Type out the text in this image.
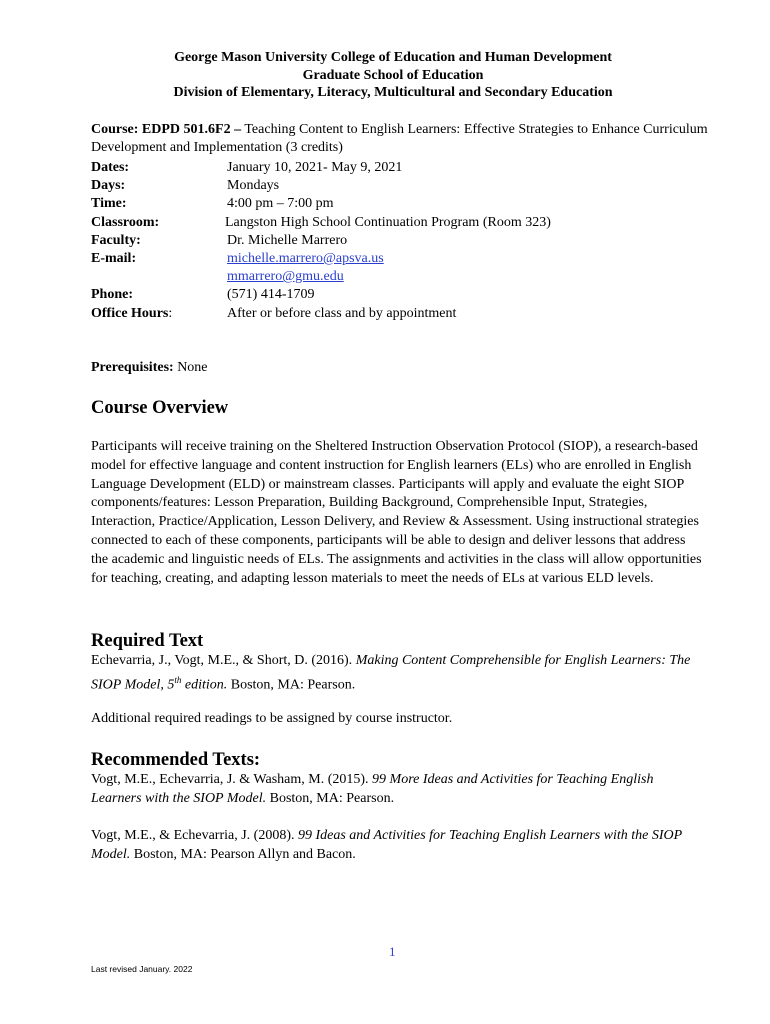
George Mason University College of Education and Human Development
Graduate School of Education
Division of Elementary, Literacy, Multicultural and Secondary Education
Course: EDPD 501.6F2 – Teaching Content to English Learners: Effective Strategies to Enhance Curriculum Development and Implementation (3 credits)
Dates:	January 10, 2021- May 9, 2021
Days:	Mondays
Time:	4:00 pm – 7:00 pm
Classroom:	Langston High School Continuation Program (Room 323)
Faculty:	Dr. Michelle Marrero
E-mail:	michelle.marrero@apsva.us
mmarrero@gmu.edu
Phone:	(571) 414-1709
Office Hours:	After or before class and by appointment
Prerequisites: None
Course Overview
Participants will receive training on the Sheltered Instruction Observation Protocol (SIOP), a research-based model for effective language and content instruction for English learners (ELs) who are enrolled in English Language Development (ELD) or mainstream classes. Participants will apply and evaluate the eight SIOP components/features: Lesson Preparation, Building Background, Comprehensible Input, Strategies, Interaction, Practice/Application, Lesson Delivery, and Review & Assessment. Using instructional strategies connected to each of these components, participants will be able to design and deliver lessons that address the academic and linguistic needs of ELs. The assignments and activities in the class will allow opportunities for teaching, creating, and adapting lesson materials to meet the needs of ELs at various ELD levels.
Required Text
Echevarria, J., Vogt, M.E., & Short, D. (2016). Making Content Comprehensible for English Learners: The SIOP Model, 5th edition. Boston, MA: Pearson.
Additional required readings to be assigned by course instructor.
Recommended Texts:
Vogt, M.E., Echevarria, J. & Washam, M. (2015). 99 More Ideas and Activities for Teaching English Learners with the SIOP Model. Boston, MA: Pearson.
Vogt, M.E., & Echevarria, J. (2008). 99 Ideas and Activities for Teaching English Learners with the SIOP Model. Boston, MA: Pearson Allyn and Bacon.
1
Last revised January. 2022
